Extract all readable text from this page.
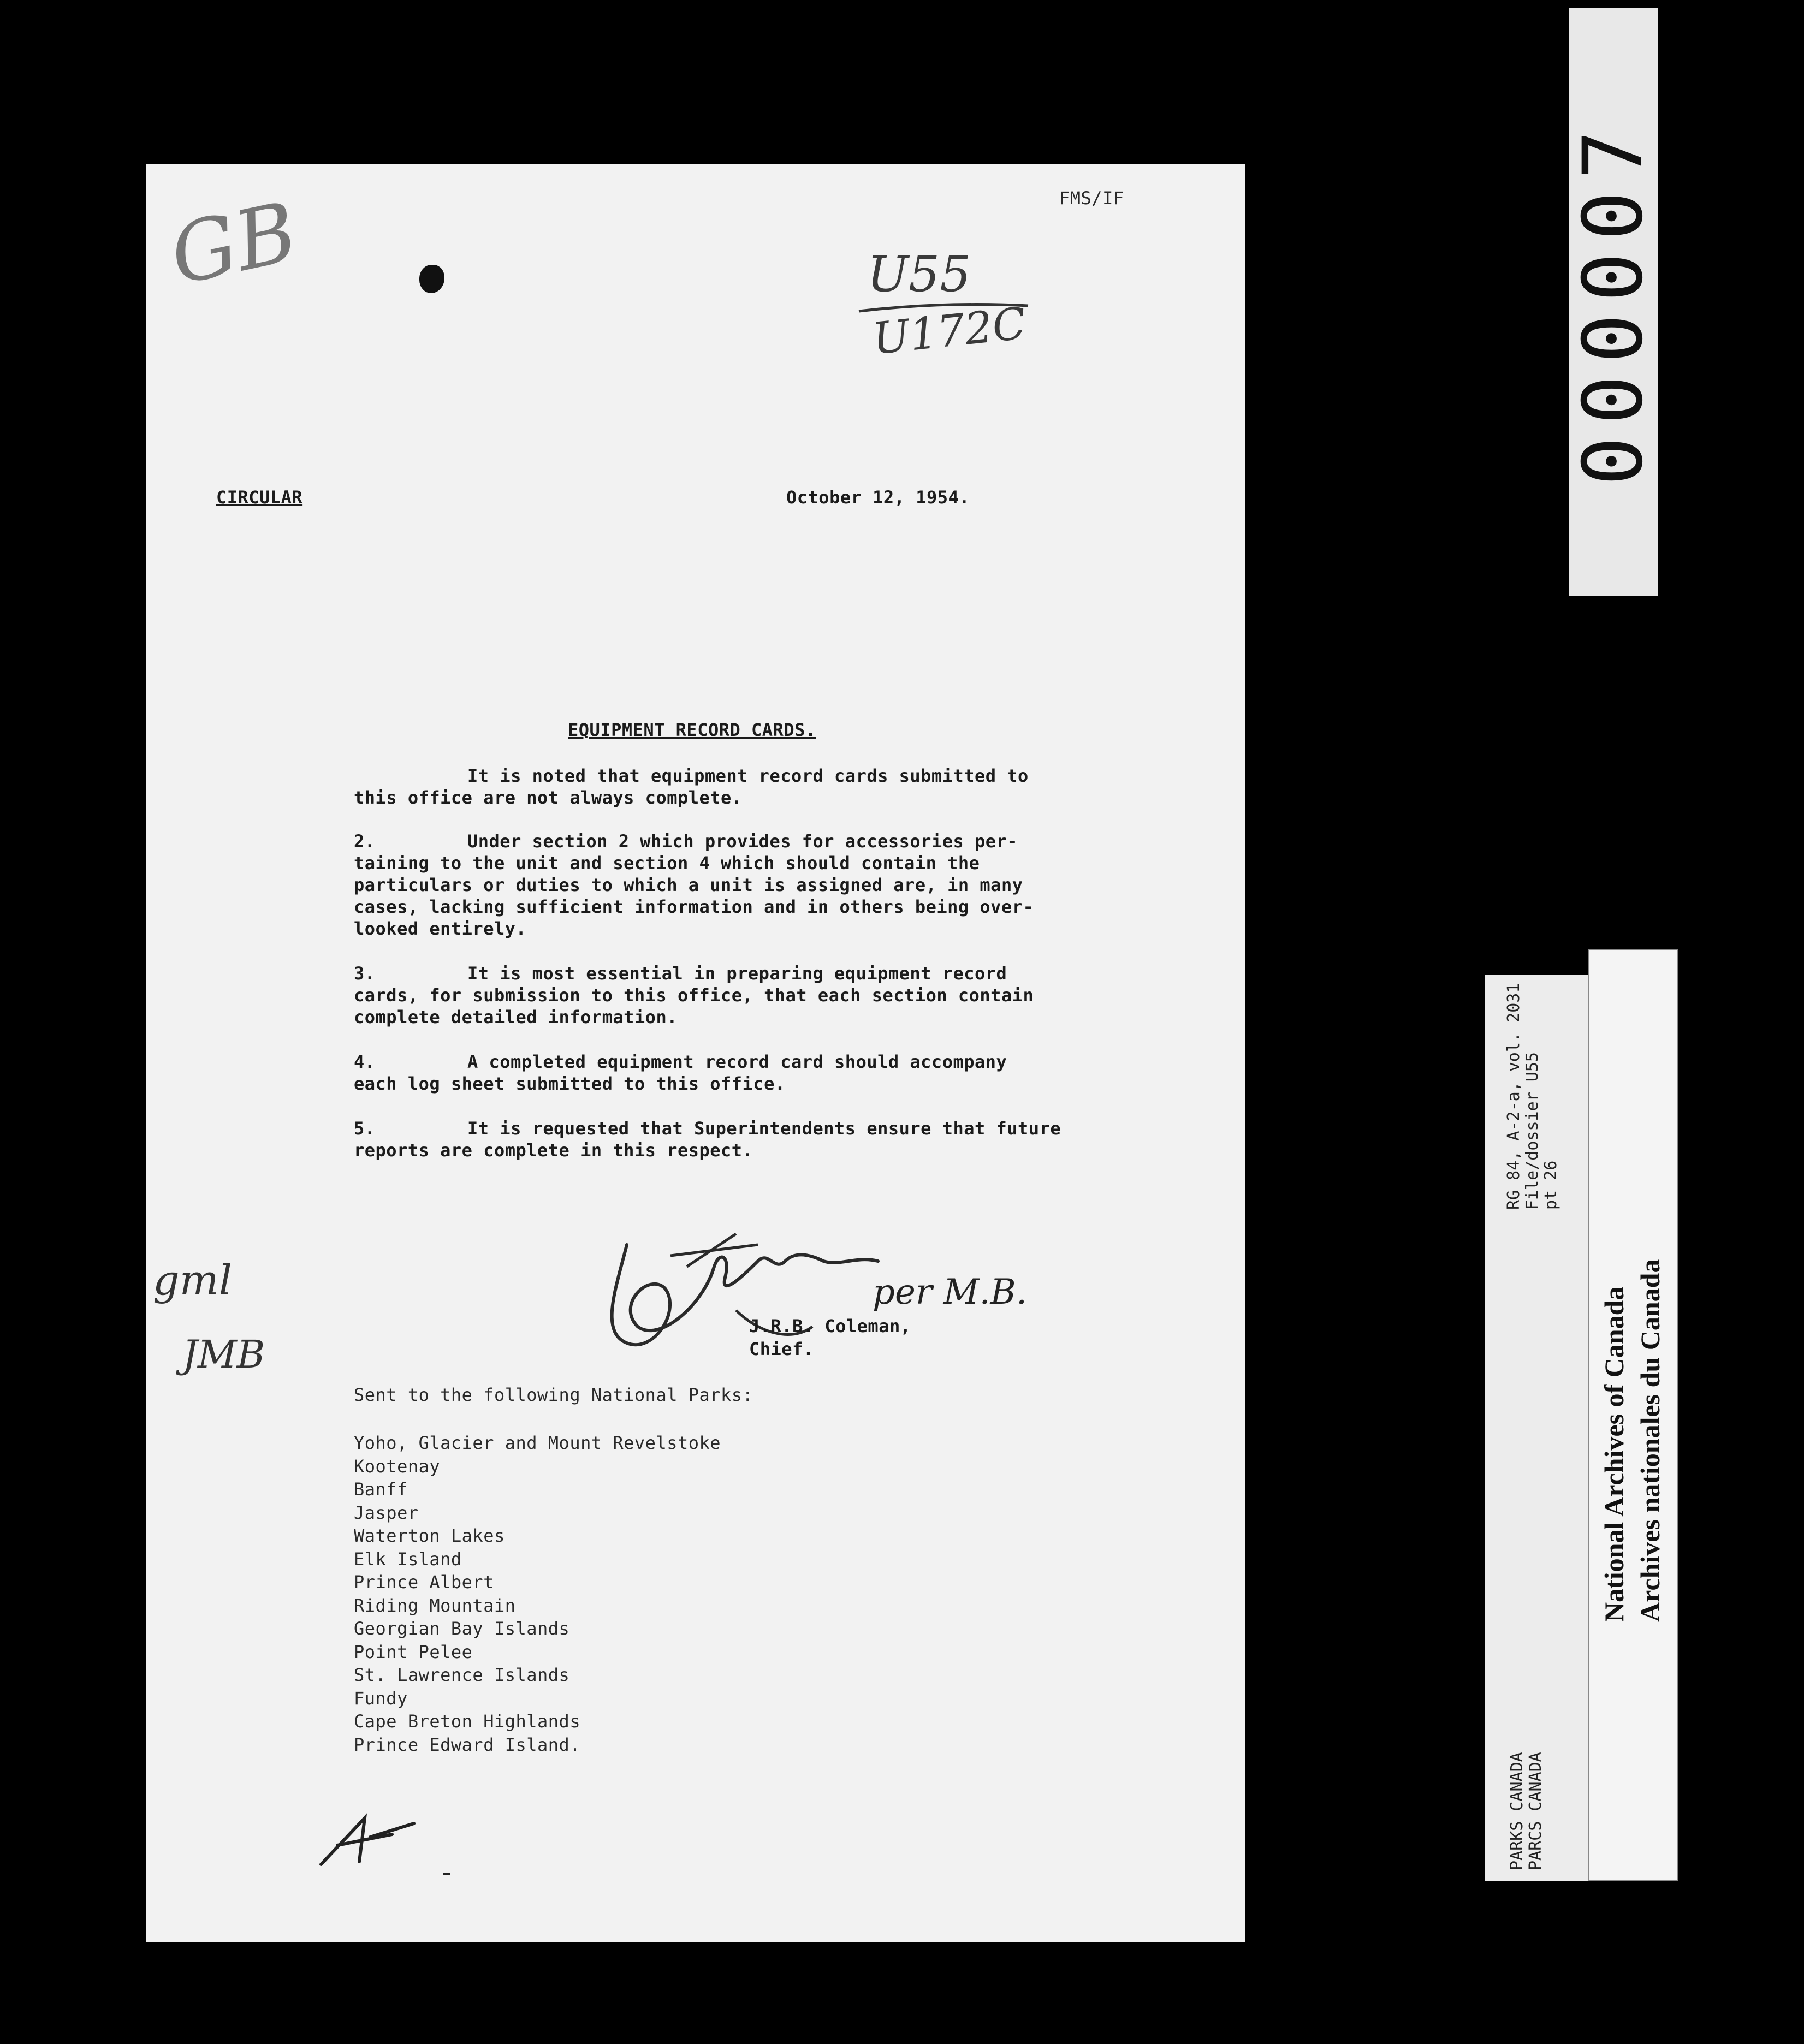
FMS/IF
GB	U55
U172C
CIRCULAR	October 12, 1954.
EQUIPMENT RECORD CARDS.
It is noted that equipment record cards submitted to
this office are not always complete.
2.	Under section 2 which provides for accessories per-
taining to the unit and section 4 which should contain the
particulars or duties to which a unit is assigned are, in many
cases, lacking sufficient information and in others being over-
looked entirely.
3.	It is most essential in preparing equipment record
cards, for submission to this office, that each section contain
complete detailed information.
4.	A completed equipment record card should accompany
each log sheet submitted to this office.
5.	It is requested that Superintendents ensure that future
reports are complete in this respect.
per M.B.
J.R.B. Coleman,
Chief.
gml
JMB
Sent to the following National Parks:
Yoho, Glacier and Mount Revelstoke
Kootenay
Banff
Jasper
Waterton Lakes
Elk Island
Prince Albert
Riding Mountain
Georgian Bay Islands
Point Pelee
St. Lawrence Islands
Fundy
Cape Breton Highlands
Prince Edward Island.
000007
RG 84, A-2-a, vol. 2031 File/dossier U55 pt 26
PARKS CANADA PARCS CANADA
National Archives of Canada Archives nationales du Canada
